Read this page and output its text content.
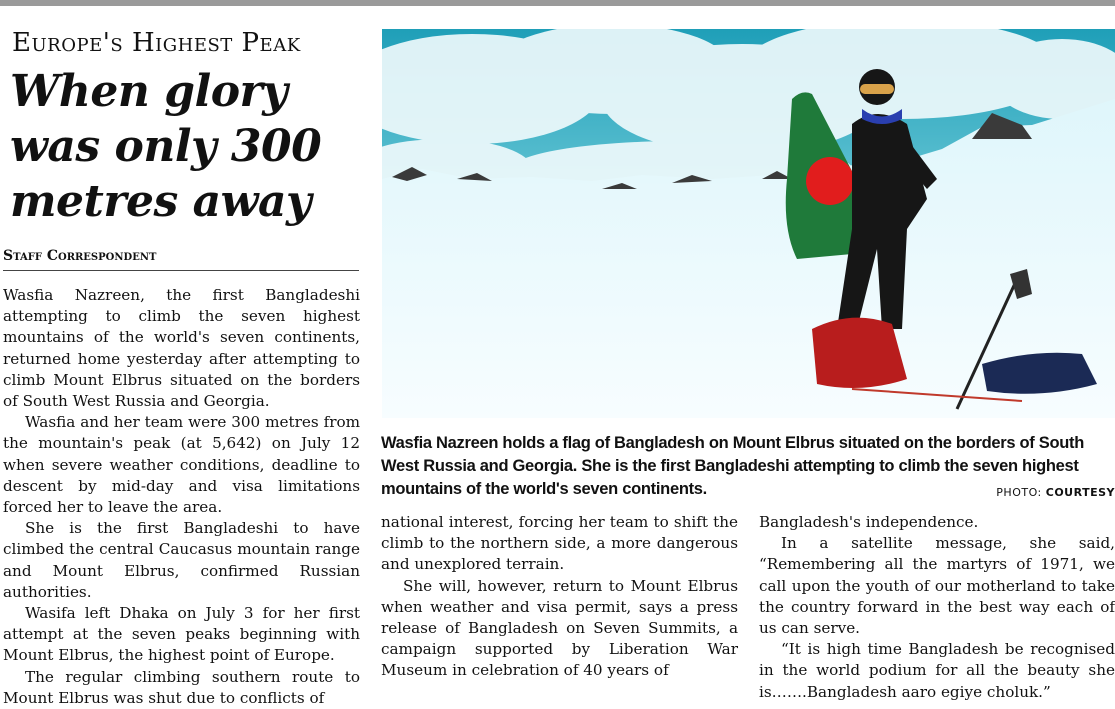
Europe's Highest Peak
When glory was only 300 metres away
Staff Correspondent

Wasfia Nazreen, the first Bangladeshi attempting to climb the seven highest mountains of the world's seven continents, returned home yesterday after attempting to climb Mount Elbrus situated on the borders of South West Russia and Georgia.

Wasfia and her team were 300 metres from the mountain's peak (at 5,642) on July 12 when severe weather conditions, deadline to descent by mid-day and visa limitations forced her to leave the area.

She is the first Bangladeshi to have climbed the central Caucasus mountain range and Mount Elbrus, confirmed Russian authorities.

Wasifa left Dhaka on July 3 for her first attempt at the seven peaks beginning with Mount Elbrus, the highest point of Europe.

The regular climbing southern route to Mount Elbrus was shut due to conflicts of

Wasfia Nazreen holds a flag of Bangladesh on Mount Elbrus situated on the borders of South West Russia and Georgia. She is the first Bangladeshi attempting to climb the seven highest mountains of the world's seven continents.	PHOTO: COURTESY

national interest, forcing her team to shift the climb to the northern side, a more dangerous and unexplored terrain.

She will, however, return to Mount Elbrus when weather and visa permit, says a press release of Bangladesh on Seven Summits, a campaign supported by Liberation War Museum in celebration of 40 years of

Bangladesh's independence.

In a satellite message, she said, “Remembering all the martyrs of 1971, we call upon the youth of our motherland to take the country forward in the best way each of us can serve.

“It is high time Bangladesh be recognised in the world podium for all the beauty she is…….Bangladesh aaro egiye choluk.”
